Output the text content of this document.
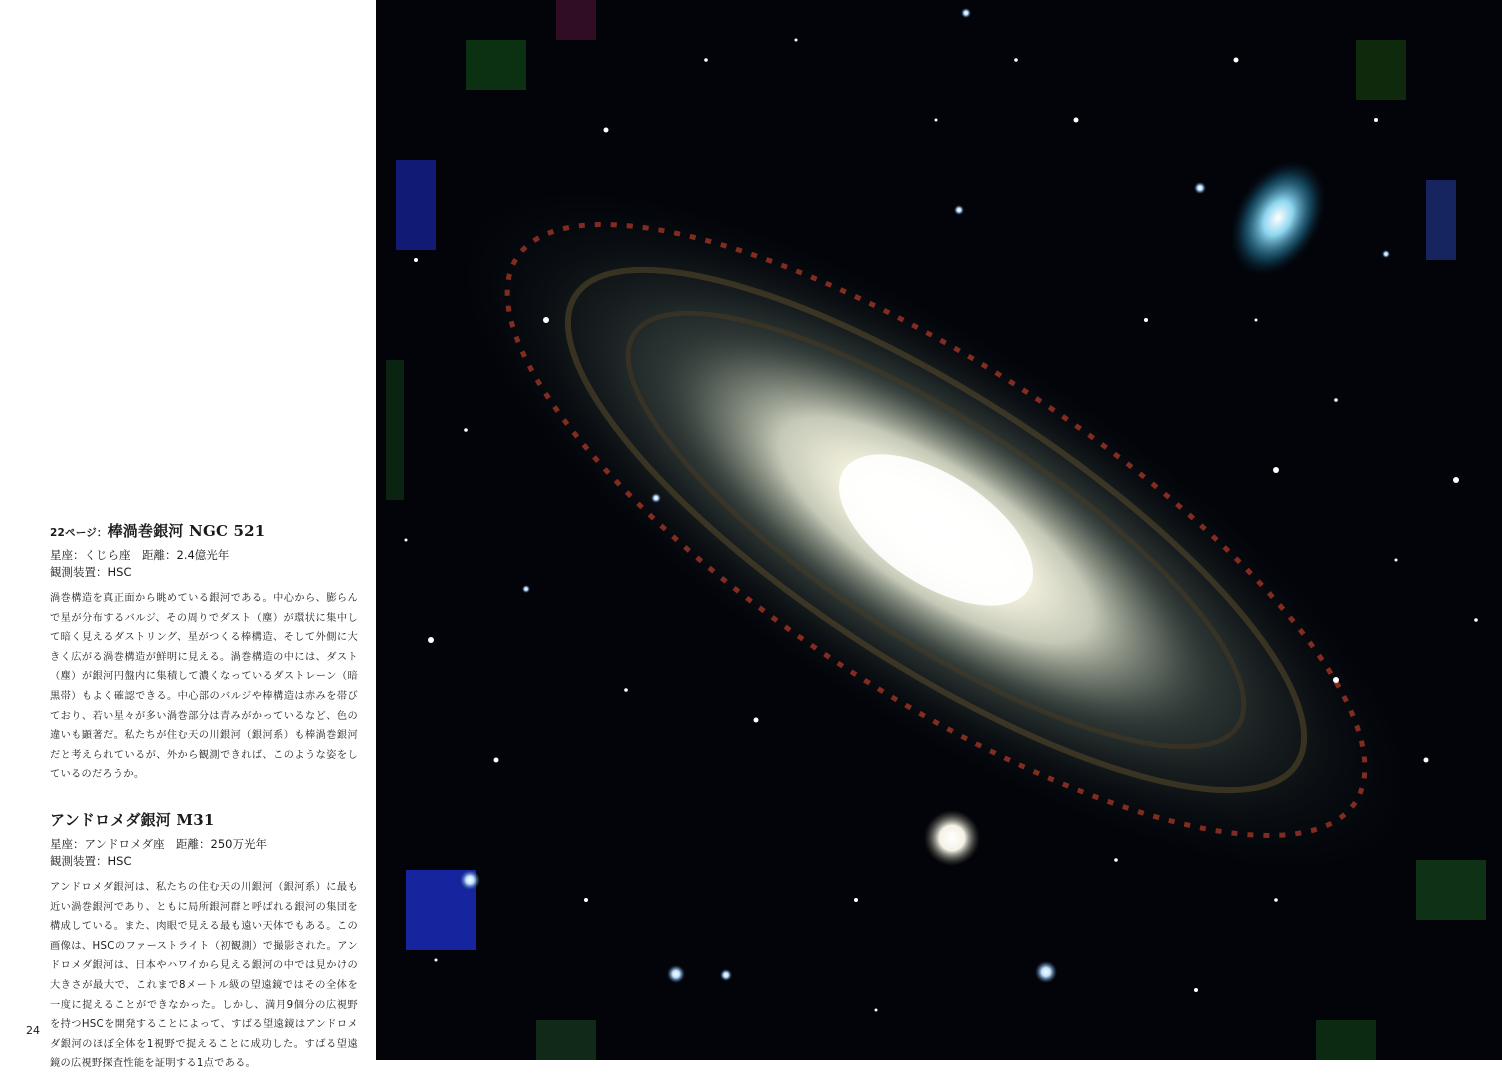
22ページ：棒渦巻銀河 NGC 521

星座：くじら座　距離：2.4億光年

観測装置：HSC

渦巻構造を真正面から眺めている銀河である。中心から、膨らんで星が分布するバルジ、その周りでダスト（塵）が環状に集中して暗く見えるダストリング、星がつくる棒構造、そして外側に大きく広がる渦巻構造が鮮明に見える。渦巻構造の中には、ダスト（塵）が銀河円盤内に集積して濃くなっているダストレーン（暗黒帯）もよく確認できる。中心部のバルジや棒構造は赤みを帯びており、若い星々が多い渦巻部分は青みがかっているなど、色の違いも顕著だ。私たちが住む天の川銀河（銀河系）も棒渦巻銀河だと考えられているが、外から観測できれば、このような姿をしているのだろうか。

アンドロメダ銀河 M31

星座：アンドロメダ座　距離：250万光年

観測装置：HSC

アンドロメダ銀河は、私たちの住む天の川銀河（銀河系）に最も近い渦巻銀河であり、ともに局所銀河群と呼ばれる銀河の集団を構成している。また、肉眼で見える最も遠い天体でもある。この画像は、HSCのファーストライト（初観測）で撮影された。アンドロメダ銀河は、日本やハワイから見える銀河の中では見かけの大きさが最大で、これまで8メートル級の望遠鏡ではその全体を一度に捉えることができなかった。しかし、満月9個分の広視野を持つHSCを開発することによって、すばる望遠鏡はアンドロメダ銀河のほぼ全体を1視野で捉えることに成功した。すばる望遠鏡の広視野探査性能を証明する1点である。

24
